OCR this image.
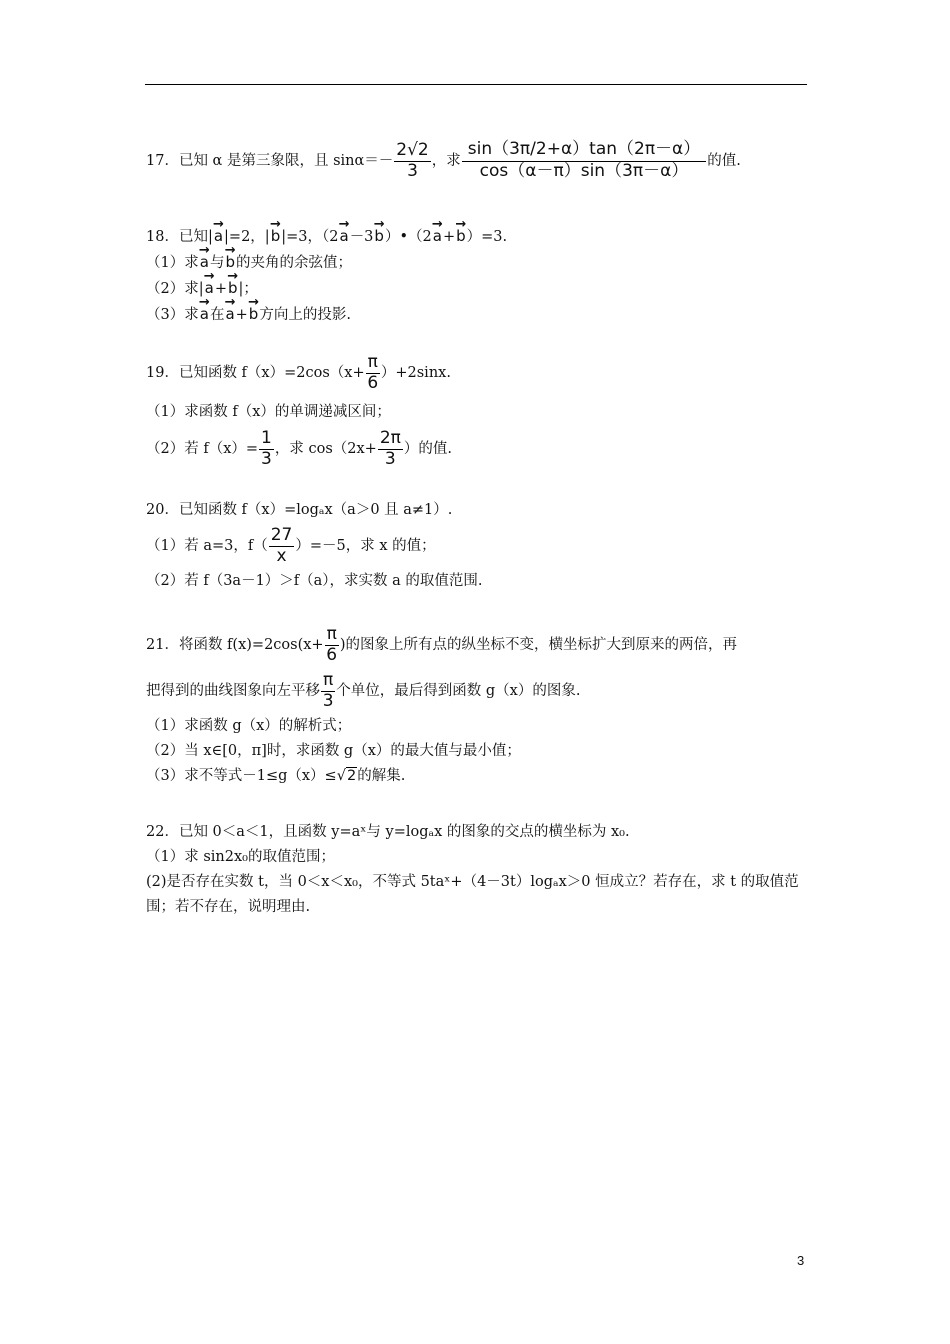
17．已知 α 是第三象限，且 $\sin\alpha=- \frac{2√2}{3}$ ，求 $\frac{\sin(3\pi/2+\alpha)\tan(2\pi-\alpha)}{\cos(\alpha-\pi)\sin(3\pi-\alpha)}$ 的值.
18．已知|→ a|=2，|→ b|=3，（2→ a－3→ b）•（2→ a+→ b）=3.
（1）求→ a与→ b的夹角的余弦值；
（2）求|→ a+→ b|；
（3）求→ a在→ a+→ b方向上的投影.
19．已知函数 $f(x)=2\cos(x+ \frac{\pi}{6} )+2\sin x$.
（1）求函数 f（x）的单调递减区间；
（2）若 $f(x)= \frac{1}{3}$ ，求 $\cos(2x+ \frac{2\pi}{3}$ ）的值.
20．已知函数 f（x）=logₐx（a＞0 且 a≠1）.
（1）若 a=3，$f( \frac{27}{x} )=-5$，求 x 的值；
（2）若 f（3a－1）＞f（a），求实数 a 的取值范围.
21．将函数 $f(x)=2\cos(x+ \frac{\pi}{6}$ )的图象上所有点的纵坐标不变，横坐标扩大到原来的两倍，再
把得到的曲线图象向左平移 $\frac{\pi}{3}$ 个单位，最后得到函数 g（x）的图象.
（1）求函数 g（x）的解析式；
（2）当 x∈[0，π]时，求函数 g（x）的最大值与最小值；
（3）求不等式－1≤g（x）≤√2的解集.
22．已知 0＜a＜1，且函数 y=aˣ与 y=logₐx 的图象的交点的横坐标为 x₀.
（1）求 sin2x₀的取值范围；
(2)是否存在实数 t，当 0＜x＜x₀，不等式 5taˣ+（4－3t）logₐx＞0 恒成立？若存在，求 t 的取值范围；若不存在，说明理由.
3
